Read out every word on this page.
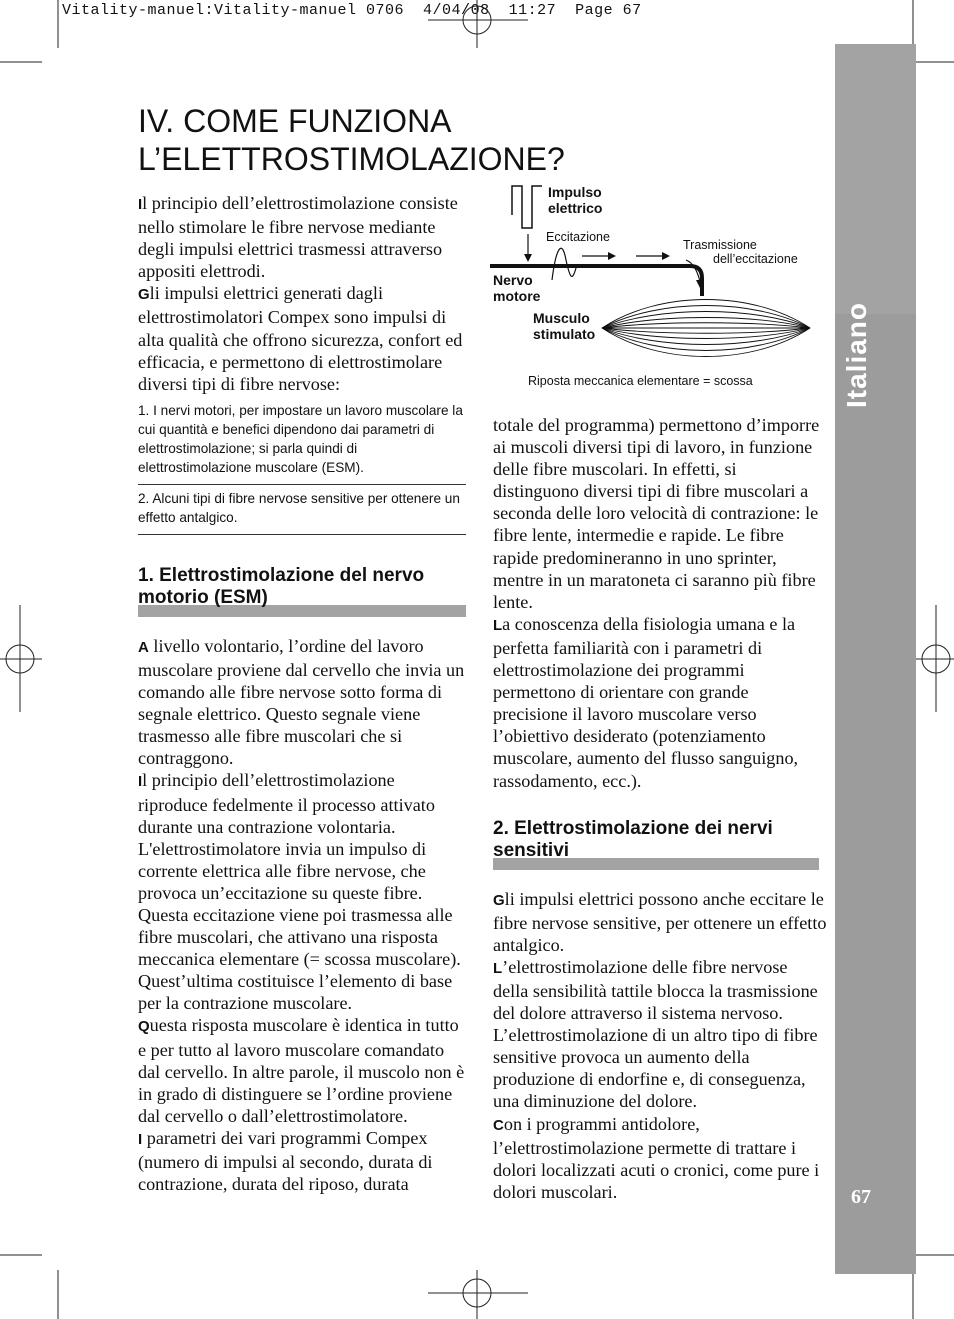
Vitality-manuel:Vitality-manuel 0706  4/04/08  11:27  Page 67
Italiano
67
IV. COME FUNZIONA
L’ELETTROSTIMOLAZIONE?

Il principio dell’elettrostimolazione consiste nello stimolare le fibre nervose mediante degli impulsi elettrici trasmessi attraverso appositi elettrodi.

Gli impulsi elettrici generati dagli elettrostimolatori Compex sono impulsi di alta qualità che offrono sicurezza, confort ed efficacia, e permettono di elettrostimolare diversi tipi di fibre nervose:

1. I nervi motori, per impostare un lavoro muscolare la cui quantità e benefici dipendono dai parametri di elettrostimolazione; si parla quindi di elettrostimolazione muscolare (ESM).

2. Alcuni tipi di fibre nervose sensitive per ottenere un effetto antalgico.

1. Elettrostimolazione del nervo motorio (ESM)

A livello volontario, l’ordine del lavoro muscolare proviene dal cervello che invia un comando alle fibre nervose sotto forma di segnale elettrico. Questo segnale viene trasmesso alle fibre muscolari che si contraggono.

Il principio dell’elettrostimolazione riproduce fedelmente il processo attivato durante una contrazione volontaria. L'elettrostimolatore invia un impulso di corrente elettrica alle fibre nervose, che provoca un’eccitazione su queste fibre. Questa eccitazione viene poi trasmessa alle fibre muscolari, che attivano una risposta meccanica elementare (= scossa muscolare). Quest’ultima costituisce l’elemento di base per la contrazione muscolare.

Questa risposta muscolare è identica in tutto e per tutto al lavoro muscolare comandato dal cervello. In altre parole, il muscolo non è in grado di distinguere se l’ordine proviene dal cervello o dall’elettrostimolatore.

I parametri dei vari programmi Compex (numero di impulsi al secondo, durata di contrazione, durata del riposo, durata

Impulso
elettrico
Eccitazione
Trasmissione
dell’eccitazione
Nervo
motore
Musculo
stimulato
Riposta meccanica elementare = scossa

totale del programma) permettono d’imporre ai muscoli diversi tipi di lavoro, in funzione delle fibre muscolari. In effetti, si distinguono diversi tipi di fibre muscolari a seconda delle loro velocità di contrazione: le fibre lente, intermedie e rapide. Le fibre rapide predomineranno in uno sprinter, mentre in un maratoneta ci saranno più fibre lente.

La conoscenza della fisiologia umana e la perfetta familiarità con i parametri di elettrostimolazione dei programmi permettono di orientare con grande precisione il lavoro muscolare verso l’obiettivo desiderato (potenziamento muscolare, aumento del flusso sanguigno, rassodamento, ecc.).

2. Elettrostimolazione dei nervi sensitivi

Gli impulsi elettrici possono anche eccitare le fibre nervose sensitive, per ottenere un effetto antalgico.

L’elettrostimolazione delle fibre nervose della sensibilità tattile blocca la trasmissione del dolore attraverso il sistema nervoso. L’elettrostimolazione di un altro tipo di fibre sensitive provoca un aumento della produzione di endorfine e, di conseguenza, una diminuzione del dolore.

Con i programmi antidolore, l’elettrostimolazione permette di trattare i dolori localizzati acuti o cronici, come pure i dolori muscolari.
